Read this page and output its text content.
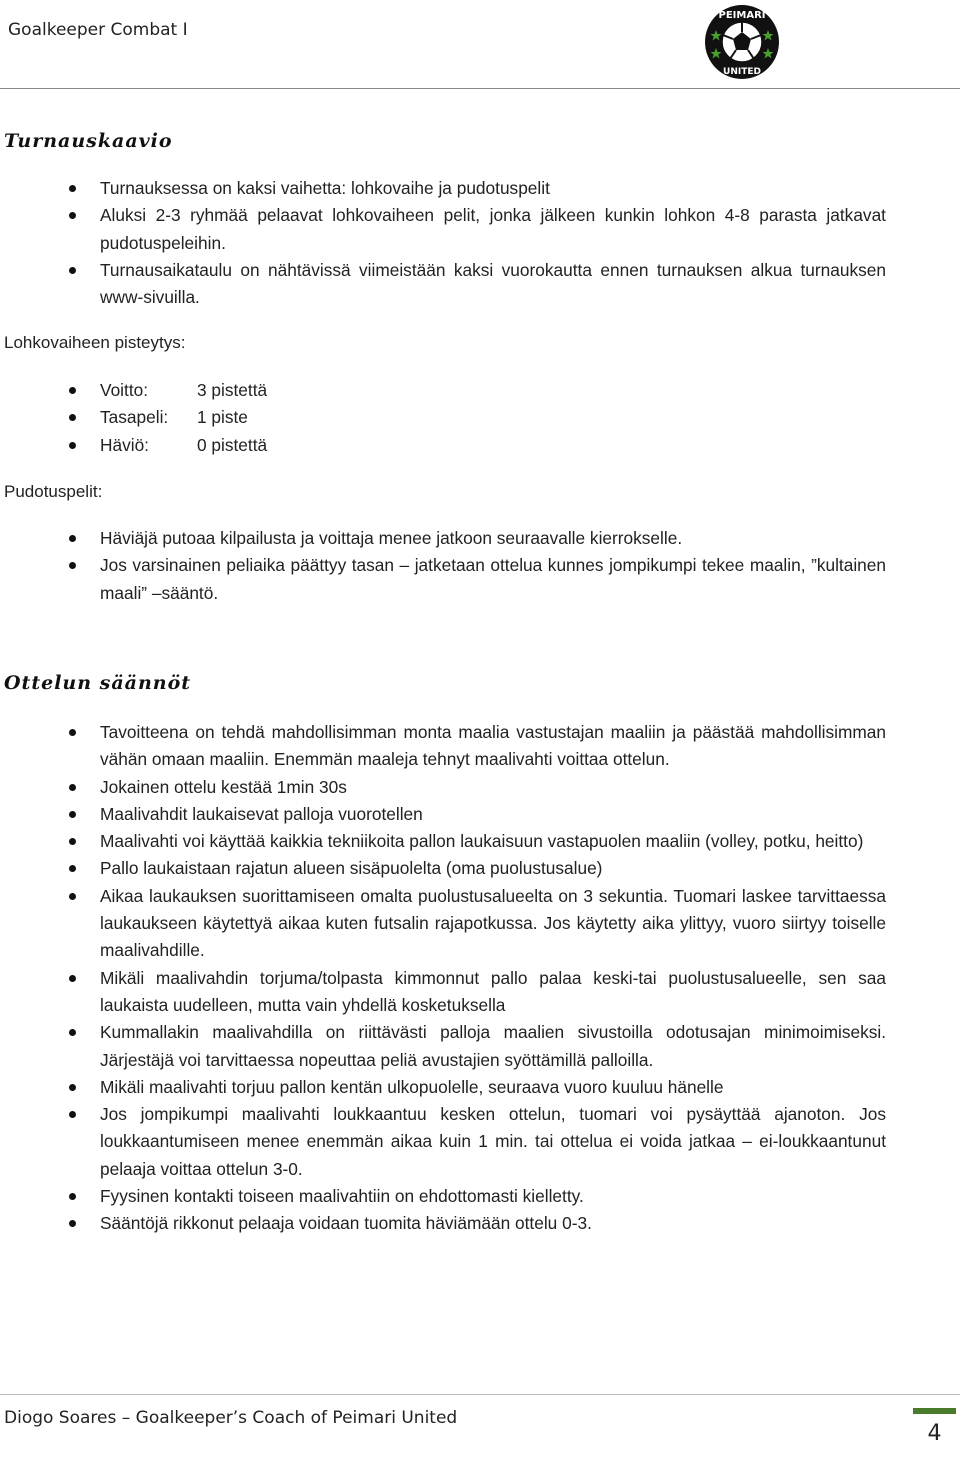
Goalkeeper Combat I
PEIMARI
UNITED
Turnauskaavio
Turnauksessa on kaksi vaihetta: lohkovaihe ja pudotuspelit
Aluksi 2-3 ryhmää pelaavat lohkovaiheen pelit, jonka jälkeen kunkin lohkon 4-8 parasta jatkavat pudotuspeleihin.
Turnausaikataulu on nähtävissä viimeistään kaksi vuorokautta ennen turnauksen alkua turnauksen www-sivuilla.
Lohkovaiheen pisteytys:
Voitto:	3 pistettä
Tasapeli: 1 piste
Häviö:	0 pistettä
Pudotuspelit:
Häviäjä putoaa kilpailusta ja voittaja menee jatkoon seuraavalle kierrokselle.
Jos varsinainen peliaika päättyy tasan – jatketaan ottelua kunnes jompikumpi tekee maalin, ”kultainen maali” –sääntö.
Ottelun säännöt
Tavoitteena on tehdä mahdollisimman monta maalia vastustajan maaliin ja päästää mahdollisimman vähän omaan maaliin. Enemmän maaleja tehnyt maalivahti voittaa ottelun.
Jokainen ottelu kestää 1min 30s
Maalivahdit laukaisevat palloja vuorotellen
Maalivahti voi käyttää kaikkia tekniikoita pallon laukaisuun vastapuolen maaliin (volley, potku, heitto)
Pallo laukaistaan rajatun alueen sisäpuolelta (oma puolustusalue)
Aikaa laukauksen suorittamiseen omalta puolustusalueelta on 3 sekuntia. Tuomari laskee tarvittaessa laukaukseen käytettyä aikaa kuten futsalin rajapotkussa. Jos käytetty aika ylittyy, vuoro siirtyy toiselle maalivahdille.
Mikäli maalivahdin torjuma/tolpasta kimmonnut pallo palaa keski-tai puolustusalueelle, sen saa laukaista uudelleen, mutta vain yhdellä kosketuksella
Kummallakin maalivahdilla on riittävästi palloja maalien sivustoilla odotusajan minimoimiseksi. Järjestäjä voi tarvittaessa nopeuttaa peliä avustajien syöttämillä palloilla.
Mikäli maalivahti torjuu pallon kentän ulkopuolelle, seuraava vuoro kuuluu hänelle
Jos jompikumpi maalivahti loukkaantuu kesken ottelun, tuomari voi pysäyttää ajanoton. Jos loukkaantumiseen menee enemmän aikaa kuin 1 min. tai ottelua ei voida jatkaa – ei-loukkaantunut pelaaja voittaa ottelun 3-0.
Fyysinen kontakti toiseen maalivahtiin on ehdottomasti kielletty.
Sääntöjä rikkonut pelaaja voidaan tuomita häviämään ottelu 0-3.
Diogo Soares – Goalkeeper’s Coach of Peimari United
4
